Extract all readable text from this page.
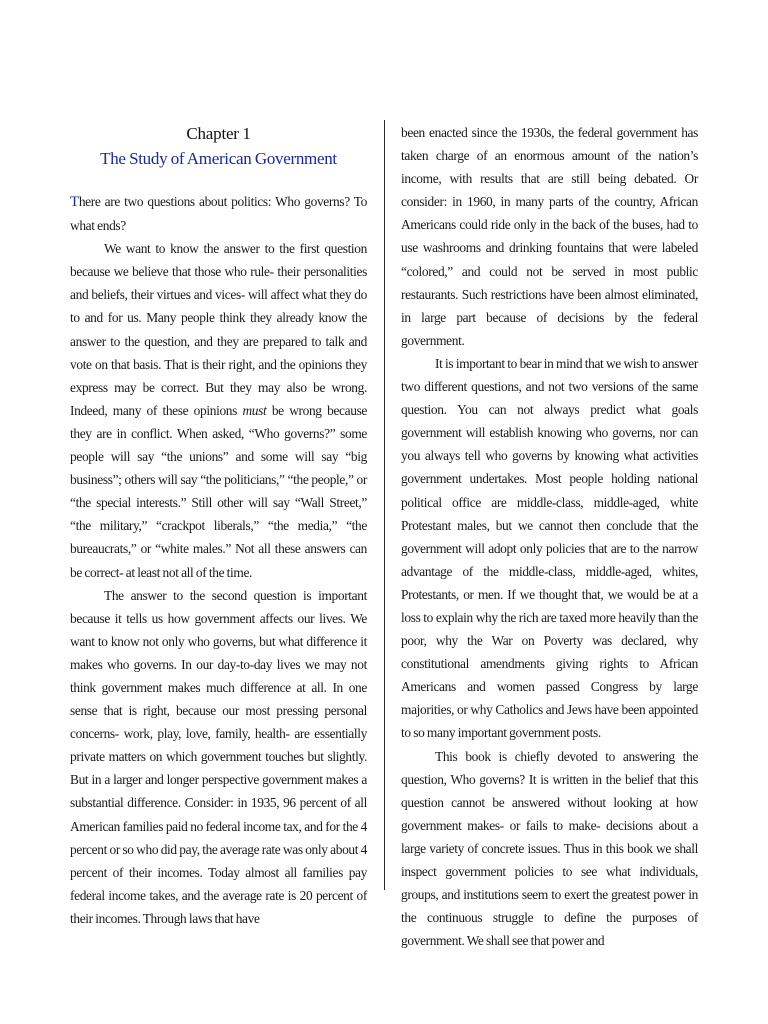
Chapter 1
The Study of American Government

There are two questions about politics: Who governs? To what ends?

We want to know the answer to the first question because we believe that those who rule- their personalities and beliefs, their virtues and vices- will affect what they do to and for us. Many people think they already know the answer to the question, and they are prepared to talk and vote on that basis. That is their right, and the opinions they express may be correct. But they may also be wrong. Indeed, many of these opinions must be wrong because they are in conflict. When asked, “Who governs?” some people will say “the unions” and some will say “big business”; others will say “the politicians,” “the people,” or “the special interests.” Still other will say “Wall Street,” “the military,” “crackpot liberals,” “the media,” “the bureaucrats,” or “white males.” Not all these answers can be correct- at least not all of the time.

The answer to the second question is important because it tells us how government affects our lives. We want to know not only who governs, but what difference it makes who governs. In our day-to-day lives we may not think government makes much difference at all. In one sense that is right, because our most pressing personal concerns- work, play, love, family, health- are essentially private matters on which government touches but slightly. But in a larger and longer perspective government makes a substantial difference. Consider: in 1935, 96 percent of all American families paid no federal income tax, and for the 4 percent or so who did pay, the average rate was only about 4 percent of their incomes. Today almost all families pay federal income takes, and the average rate is 20 percent of their incomes. Through laws that have

been enacted since the 1930s, the federal government has taken charge of an enormous amount of the nation’s income, with results that are still being debated. Or consider: in 1960, in many parts of the country, African Americans could ride only in the back of the buses, had to use washrooms and drinking fountains that were labeled “colored,” and could not be served in most public restaurants. Such restrictions have been almost eliminated, in large part because of decisions by the federal government.

It is important to bear in mind that we wish to answer two different questions, and not two versions of the same question. You can not always predict what goals government will establish knowing who governs, nor can you always tell who governs by knowing what activities government undertakes. Most people holding national political office are middle-class, middle-aged, white Protestant males, but we cannot then conclude that the government will adopt only policies that are to the narrow advantage of the middle-class, middle-aged, whites, Protestants, or men. If we thought that, we would be at a loss to explain why the rich are taxed more heavily than the poor, why the War on Poverty was declared, why constitutional amendments giving rights to African Americans and women passed Congress by large majorities, or why Catholics and Jews have been appointed to so many important government posts.

This book is chiefly devoted to answering the question, Who governs? It is written in the belief that this question cannot be answered without looking at how government makes- or fails to make- decisions about a large variety of concrete issues. Thus in this book we shall inspect government policies to see what individuals, groups, and institutions seem to exert the greatest power in the continuous struggle to define the purposes of government. We shall see that power and
